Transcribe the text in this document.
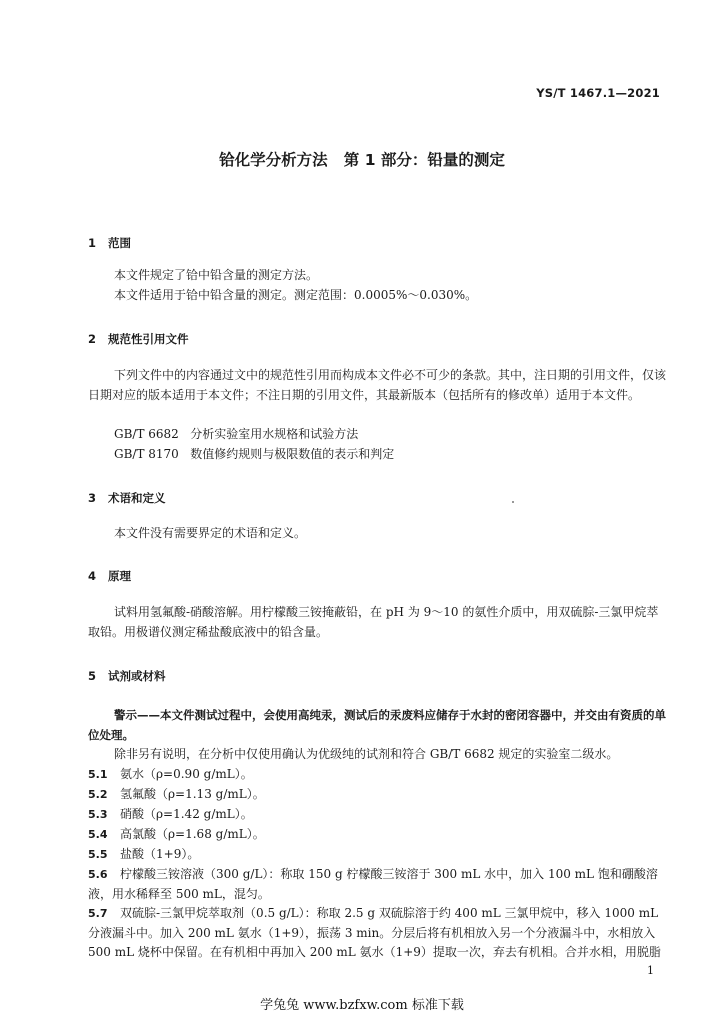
YS/T 1467.1—2021
铪化学分析方法   第 1 部分：铅量的测定
1 范围
本文件规定了铪中铅含量的测定方法。
本文件适用于铪中铅含量的测定。测定范围：0.0005%～0.030%。
2 规范性引用文件
下列文件中的内容通过文中的规范性引用而构成本文件必不可少的条款。其中，注日期的引用文件，仅该日期对应的版本适用于本文件；不注日期的引用文件，其最新版本（包括所有的修改单）适用于本文件。
GB/T 6682   分析实验室用水规格和试验方法
GB/T 8170   数值修约规则与极限数值的表示和判定
3 术语和定义
本文件没有需要界定的术语和定义。
4 原理
试料用氢氟酸-硝酸溶解。用柠檬酸三铵掩蔽铅，在 pH 为 9～10 的氨性介质中，用双硫腙-三氯甲烷萃取铅。用极谱仪测定稀盐酸底液中的铅含量。
5 试剂或材料
警示——本文件测试过程中，会使用高纯汞，测试后的汞废料应储存于水封的密闭容器中，并交由有资质的单位处理。
除非另有说明，在分析中仅使用确认为优级纯的试剂和符合 GB/T 6682 规定的实验室二级水。
5.1 氨水（ρ=0.90 g/mL）。
5.2 氢氟酸（ρ=1.13 g/mL）。
5.3 硝酸（ρ=1.42 g/mL）。
5.4 高氯酸（ρ=1.68 g/mL）。
5.5 盐酸（1+9）。
5.6 柠檬酸三铵溶液（300 g/L）：称取 150 g 柠檬酸三铵溶于 300 mL 水中，加入 100 mL 饱和硼酸溶液，用水稀释至 500 mL，混匀。
5.7 双硫腙-三氯甲烷萃取剂（0.5 g/L）：称取 2.5 g 双硫腙溶于约 400 mL 三氯甲烷中，移入 1000 mL 分液漏斗中。加入 200 mL 氨水（1+9），振荡 3 min。分层后将有机相放入另一个分液漏斗中，水相放入 500 mL 烧杯中保留。在有机相中再加入 200 mL 氨水（1+9）提取一次，弃去有机相。合并水相，用脱脂
1
学兔兔 www.bzfxw.com 标准下载
